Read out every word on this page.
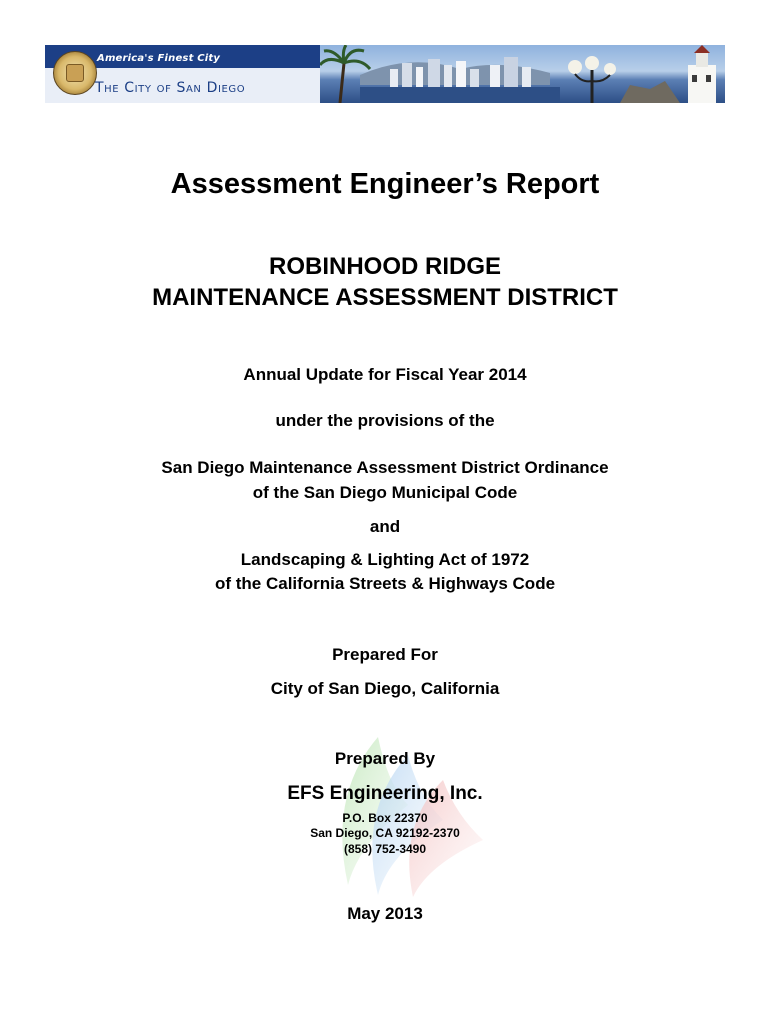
America's Finest City
The City of San Diego
Assessment Engineer’s Report
ROBINHOOD RIDGE
MAINTENANCE ASSESSMENT DISTRICT
Annual Update for Fiscal Year 2014
under the provisions of the
San Diego Maintenance Assessment District Ordinance
of the San Diego Municipal Code
and
Landscaping & Lighting Act of 1972
of the California Streets & Highways Code
Prepared For
City of San Diego, California
Prepared By
EFS Engineering, Inc.
P.O. Box 22370
San Diego, CA 92192-2370
(858) 752-3490
May 2013
